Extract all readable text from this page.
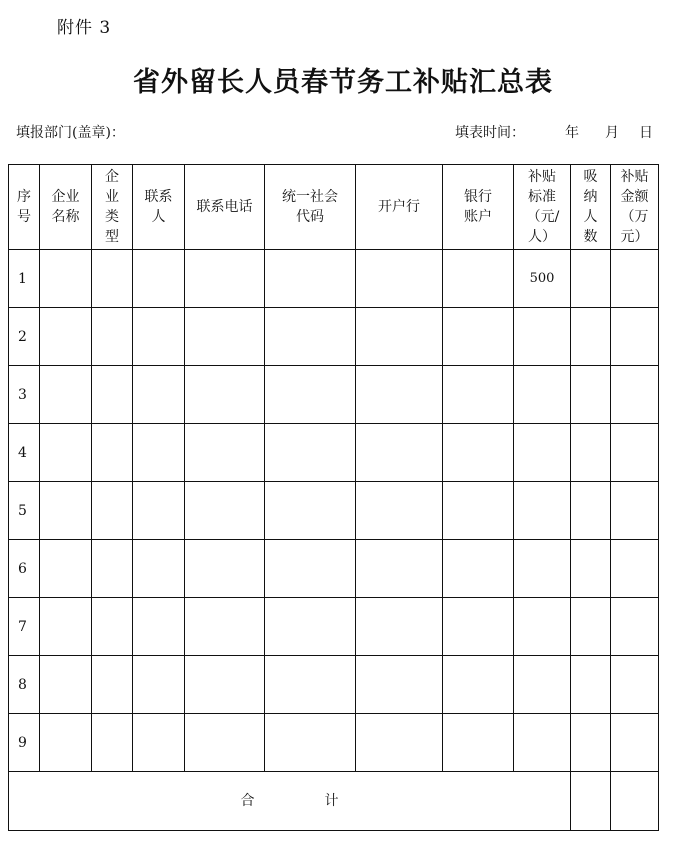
附件 3
省外留长人员春节务工补贴汇总表
填报部门(盖章)：	填表时间：	年 月 日
序号	企业名称	企业类型	联系人	联系电话	统一社会代码	开户行	银行账户	补贴标准（元/人）	吸纳人数	补贴金额（万元）
1								500		
2										
3										
4										
5										
6										
7										
8										
9										
合 计										
